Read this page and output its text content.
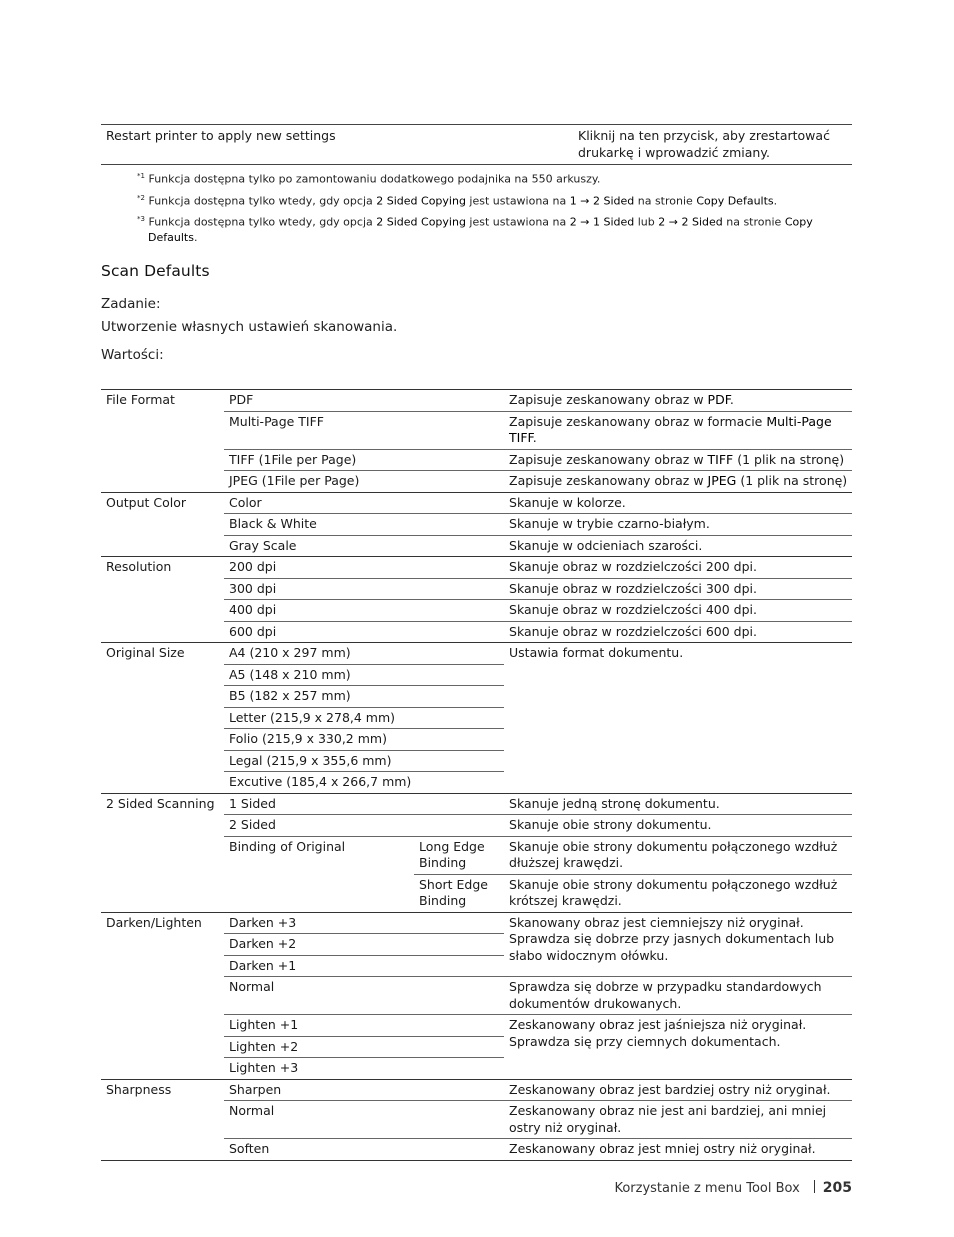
Restart printer to apply new settings	Kliknij na ten przycisk, aby zrestartować drukarkę i wprowadzić zmiany.
$^{*1}$ Funkcja dostępna tylko po zamontowaniu dodatkowego podajnika na 550 arkuszy.
$^{*2}$ Funkcja dostępna tylko wtedy, gdy opcja 2 Sided Copying jest ustawiona na 1 → 2 Sided na stronie Copy Defaults.
$^{*3}$ Funkcja dostępna tylko wtedy, gdy opcja 2 Sided Copying jest ustawiona na 2 → 1 Sided lub 2 → 2 Sided na stronie Copy Defaults.
Scan Defaults

Zadanie:

Utworzenie własnych ustawień skanowania.

Wartości:

File Format	PDF		Zapisuje zeskanowany obraz w PDF.
	Multi-Page TIFF		Zapisuje zeskanowany obraz w formacie Multi-Page TIFF.
	TIFF (1File per Page)		Zapisuje zeskanowany obraz w TIFF (1 plik na stronę)
	JPEG (1File per Page)		Zapisuje zeskanowany obraz w JPEG (1 plik na stronę)
Output Color	Color		Skanuje w kolorze.
	Black & White		Skanuje w trybie czarno-białym.
	Gray Scale		Skanuje w odcieniach szarości.
Resolution	200 dpi		Skanuje obraz w rozdzielczości 200 dpi.
	300 dpi		Skanuje obraz w rozdzielczości 300 dpi.
	400 dpi		Skanuje obraz w rozdzielczości 400 dpi.
	600 dpi		Skanuje obraz w rozdzielczości 600 dpi.
Original Size	A4 (210 x 297 mm)		Ustawia format dokumentu.
	A5 (148 x 210 mm)		
	B5 (182 x 257 mm)		
	Letter (215,9 x 278,4 mm)		
	Folio (215,9 x 330,2 mm)		
	Legal (215,9 x 355,6 mm)		
	Excutive (185,4 x 266,7 mm)		
2 Sided Scanning	1 Sided		Skanuje jedną stronę dokumentu.
	2 Sided		Skanuje obie strony dokumentu.
	Binding of Original	Long Edge Binding	Skanuje obie strony dokumentu połączonego wzdłuż dłuższej krawędzi.
		Short Edge Binding	Skanuje obie strony dokumentu połączonego wzdłuż krótszej krawędzi.
Darken/Lighten	Darken +3		Skanowany obraz jest ciemniejszy niż oryginał. Sprawdza się dobrze przy jasnych dokumentach lub słabo widocznym ołówku.
	Darken +2		
	Darken +1		
	Normal		Sprawdza się dobrze w przypadku standardowych dokumentów drukowanych.
	Lighten +1		Zeskanowany obraz jest jaśniejsza niż oryginał. Sprawdza się przy ciemnych dokumentach.
	Lighten +2		
	Lighten +3		
Sharpness	Sharpen		Zeskanowany obraz jest bardziej ostry niż oryginał.
	Normal		Zeskanowany obraz nie jest ani bardziej, ani mniej ostry niż oryginał.
	Soften		Zeskanowany obraz jest mniej ostry niż oryginał.
Korzystanie z menu Tool Box 205
